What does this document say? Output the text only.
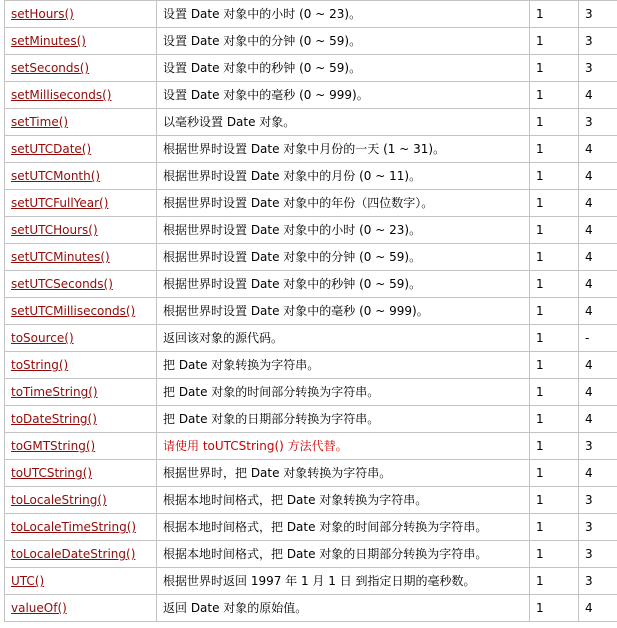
setHours()	设置 Date 对象中的小时 (0 ~ 23)。	1	3
setMinutes()	设置 Date 对象中的分钟 (0 ~ 59)。	1	3
setSeconds()	设置 Date 对象中的秒钟 (0 ~ 59)。	1	3
setMilliseconds()	设置 Date 对象中的毫秒 (0 ~ 999)。	1	4
setTime()	以毫秒设置 Date 对象。	1	3
setUTCDate()	根据世界时设置 Date 对象中月份的一天 (1 ~ 31)。	1	4
setUTCMonth()	根据世界时设置 Date 对象中的月份 (0 ~ 11)。	1	4
setUTCFullYear()	根据世界时设置 Date 对象中的年份（四位数字）。	1	4
setUTCHours()	根据世界时设置 Date 对象中的小时 (0 ~ 23)。	1	4
setUTCMinutes()	根据世界时设置 Date 对象中的分钟 (0 ~ 59)。	1	4
setUTCSeconds()	根据世界时设置 Date 对象中的秒钟 (0 ~ 59)。	1	4
setUTCMilliseconds()	根据世界时设置 Date 对象中的毫秒 (0 ~ 999)。	1	4
toSource()	返回该对象的源代码。	1	-
toString()	把 Date 对象转换为字符串。	1	4
toTimeString()	把 Date 对象的时间部分转换为字符串。	1	4
toDateString()	把 Date 对象的日期部分转换为字符串。	1	4
toGMTString()	请使用 toUTCString() 方法代替。	1	3
toUTCString()	根据世界时，把 Date 对象转换为字符串。	1	4
toLocaleString()	根据本地时间格式，把 Date 对象转换为字符串。	1	3
toLocaleTimeString()	根据本地时间格式，把 Date 对象的时间部分转换为字符串。	1	3
toLocaleDateString()	根据本地时间格式，把 Date 对象的日期部分转换为字符串。	1	3
UTC()	根据世界时返回 1997 年 1 月 1 日 到指定日期的毫秒数。	1	3
valueOf()	返回 Date 对象的原始值。	1	4
